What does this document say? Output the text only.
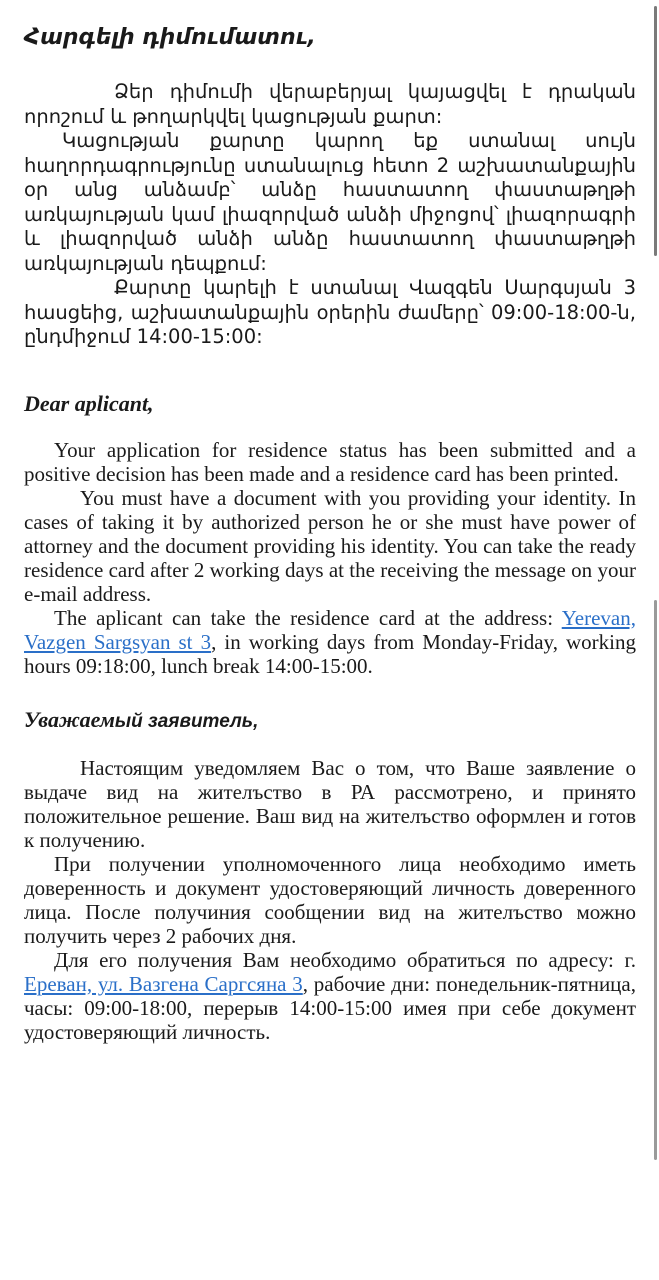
Հարգելի դիմումատու,

Ձեր դիմումի վերաբերյալ կայացվել է դրական որոշում և թողարկվել կացության քարտ:

Կացության քարտը կարող եք ստանալ սույն հաղորդագրությունը ստանալուց հետո 2 աշխատանքային օր անց անձամբ՝ անձը հաստատող փաստաթղթի առկայության կամ լիազորված անձի միջոցով՝ լիազորագրի և լիազորված անձի անձը հաստատող փաստաթղթի առկայության դեպքում:

Քարտը կարելի է ստանալ Վազգեն Սարգսյան 3 հասցեից, աշխատանքային օրերին ժամերը՝ 09:00-18:00-ն, ընդմիջում 14:00-15:00:

Dear aplicant,

Your application for residence status has been submitted and a positive decision has been made and a residence card has been printed.

You must have a document with you providing your identity. In cases of taking it by authorized person he or she must have power of attorney and the document providing his identity. You can take the ready residence card after 2 working days at the receiving the message on your e-mail address.

The aplicant can take the residence card at the address: Yerevan, Vazgen Sargsyan st 3, in working days from Monday-Friday, working hours 09:18:00, lunch break 14:00-15:00.

Уважаемый заявитель,

Настоящим уведомляем Вас о том, что Ваше заявление о выдаче вид на жителъство в РА рассмотрено, и принято положительное решение. Ваш вид на жителъство оформлен и готов к получению.

При получении уполномоченного лица необходимо иметь доверенность и документ удостоверяющий личность доверенного лица. После получиния сообщении вид на жителъство можно получить через 2 рабочих дня.

Для его получения Вам необходимо обратиться по адресу: г. Ереван, ул. Вазгена Саргсяна 3, рабочие дни: понедельник-пятница, часы: 09:00-18:00, перерыв 14:00-15:00 имея при себе документ удостоверяющий личность.
